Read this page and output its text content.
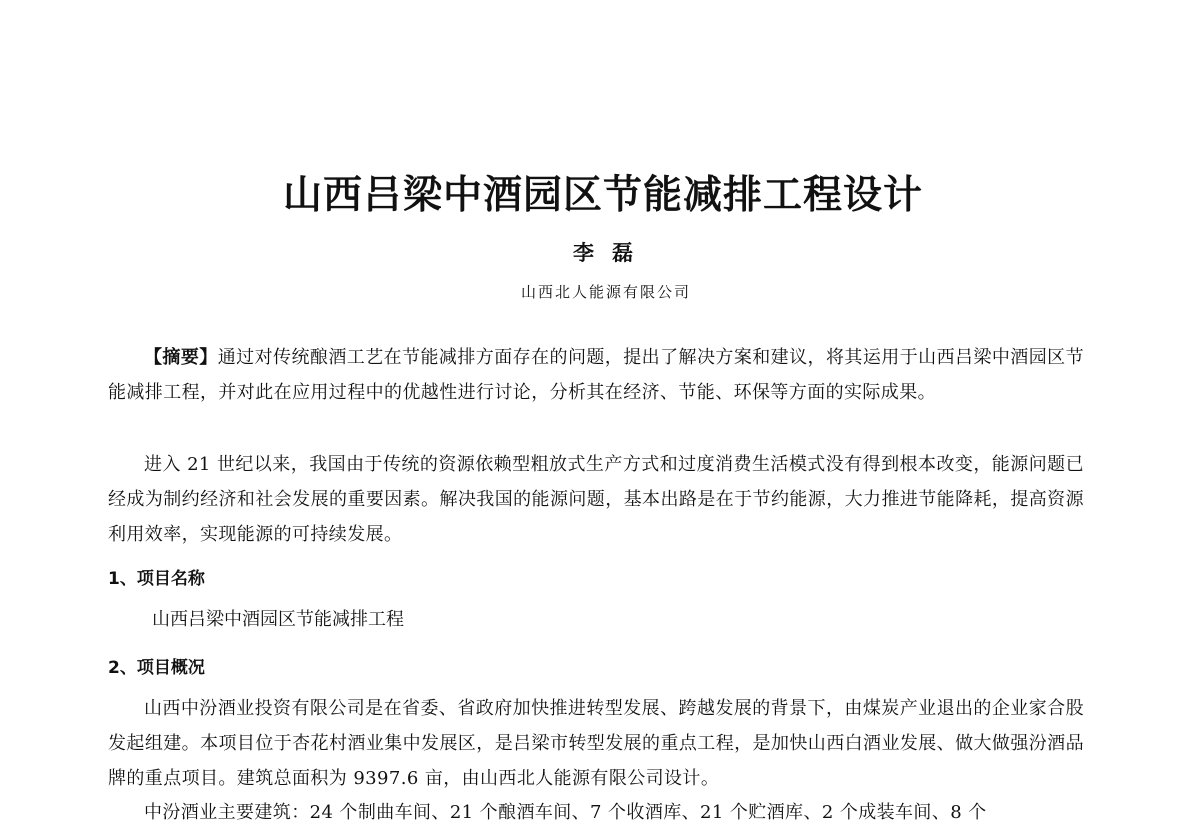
山西吕梁中酒园区节能减排工程设计
李磊
山西北人能源有限公司

【摘要】通过对传统酿酒工艺在节能减排方面存在的问题，提出了解决方案和建议，将其运用于山西吕梁中酒园区节能减排工程，并对此在应用过程中的优越性进行讨论，分析其在经济、节能、环保等方面的实际成果。

进入 21 世纪以来，我国由于传统的资源依赖型粗放式生产方式和过度消费生活模式没有得到根本改变，能源问题已经成为制约经济和社会发展的重要因素。解决我国的能源问题，基本出路是在于节约能源，大力推进节能降耗，提高资源利用效率，实现能源的可持续发展。

1、项目名称

山西吕梁中酒园区节能减排工程

2、项目概况

山西中汾酒业投资有限公司是在省委、省政府加快推进转型发展、跨越发展的背景下，由煤炭产业退出的企业家合股发起组建。本项目位于杏花村酒业集中发展区，是吕梁市转型发展的重点工程，是加快山西白酒业发展、做大做强汾酒品牌的重点项目。建筑总面积为 9397.6 亩，由山西北人能源有限公司设计。

中汾酒业主要建筑：24 个制曲车间、21 个酿酒车间、7 个收酒库、21 个贮酒库、2 个成装车间、8 个
